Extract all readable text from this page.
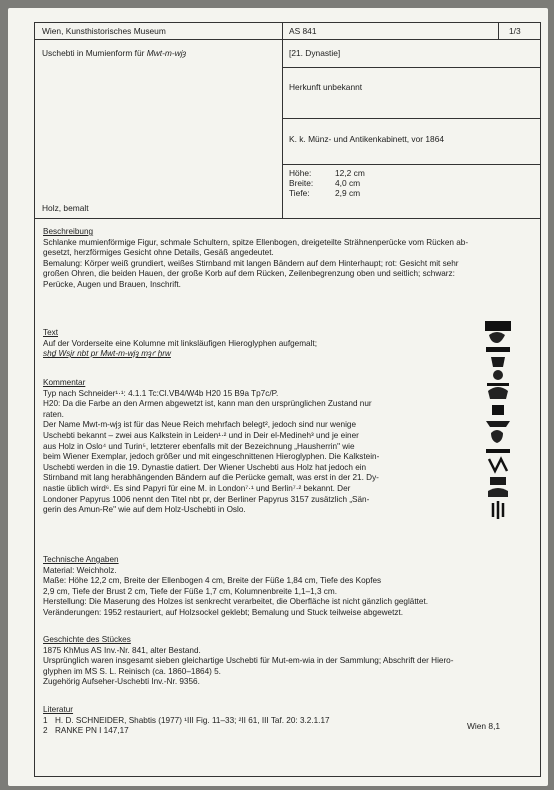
Wien, Kunsthistorisches Museum	AS 841	1/3
Uschebti in Mumienform für Mwt-m-wjȝ	[21. Dynastie]
Herkunft unbekannt
K. k. Münz- und Antikenkabinett, vor 1864
Höhe:	12,2 cm
Breite:	4,0 cm
Tiefe:	2,9 cm
Holz, bemalt
Beschreibung

Schlanke mumienförmige Figur, schmale Schultern, spitze Ellenbogen, dreigeteilte Strähnenperücke vom Rücken ab-

gesetzt, herzförmiges Gesicht ohne Details, Gesäß angedeutet.

Bemalung: Körper weiß grundiert, weißes Stirnband mit langen Bändern auf dem Hinterhaupt; rot: Gesicht mit sehr

großen Ohren, die beiden Hauen, der große Korb auf dem Rücken, Zeilenbegrenzung oben und seitlich; schwarz:

Perücke, Augen und Brauen, Inschrift.

Text

Auf der Vorderseite eine Kolumne mit linksläufigen Hieroglyphen aufgemalt;

sḥḏ Wsjr nbt pr Mwt-m-wjȝ mȝꜥ ḫrw

Kommentar

Typ nach Schneider¹·¹: 4.1.1 Tc:Cl.VB4/W4b H20 15 B9a Tp7c/P.

H20: Da die Farbe an den Armen abgewetzt ist, kann man den ursprünglichen Zustand nur

raten.

Der Name Mwt-m-wjȝ ist für das Neue Reich mehrfach belegt², jedoch sind nur wenige

Uschebti bekannt – zwei aus Kalkstein in Leiden¹·² und in Deir el-Medineh³ und je einer

aus Holz in Oslo⁴ und Turin⁵, letzterer ebenfalls mit der Bezeichnung „Hausherrin" wie

beim Wiener Exemplar, jedoch größer und mit eingeschnittenen Hieroglyphen. Die Kalkstein-

Uschebti werden in die 19. Dynastie datiert. Der Wiener Uschebti aus Holz hat jedoch ein

Stirnband mit lang herabhängenden Bändern auf die Perücke gemalt, was erst in der 21. Dy-

nastie üblich wird⁶. Es sind Papyri für eine M. in London⁷·¹ und Berlin⁷·² bekannt. Der

Londoner Papyrus 1006 nennt den Titel nbt pr, der Berliner Papyrus 3157 zusätzlich „Sän-

gerin des Amun-Re" wie auf dem Holz-Uschebti in Oslo.

Technische Angaben

Material: Weichholz.

Maße: Höhe 12,2 cm, Breite der Ellenbogen 4 cm, Breite der Füße 1,84 cm, Tiefe des Kopfes

2,9 cm, Tiefe der Brust 2 cm, Tiefe der Füße 1,7 cm, Kolumnenbreite 1,1–1,3 cm.

Herstellung: Die Maserung des Holzes ist senkrecht verarbeitet, die Oberfläche ist nicht gänzlich geglättet.

Veränderungen: 1952 restauriert, auf Holzsockel geklebt; Bemalung und Stuck teilweise abgewetzt.

Geschichte des Stückes

1875 KhMus AS Inv.-Nr. 841, alter Bestand.

Ursprünglich waren insgesamt sieben gleichartige Uschebti für Mut-em-wia in der Sammlung; Abschrift der Hiero-

glyphen im MS S. L. Reinisch (ca. 1860–1864) 5.

Zugehörig Aufseher-Uschebti Inv.-Nr. 9356.

Literatur

1 H. D. SCHNEIDER, Shabtis (1977) ¹III Fig. 11–33; ²II 61, III Taf. 20: 3.2.1.17

2 RANKE PN I 147,17	Wien 8,1
